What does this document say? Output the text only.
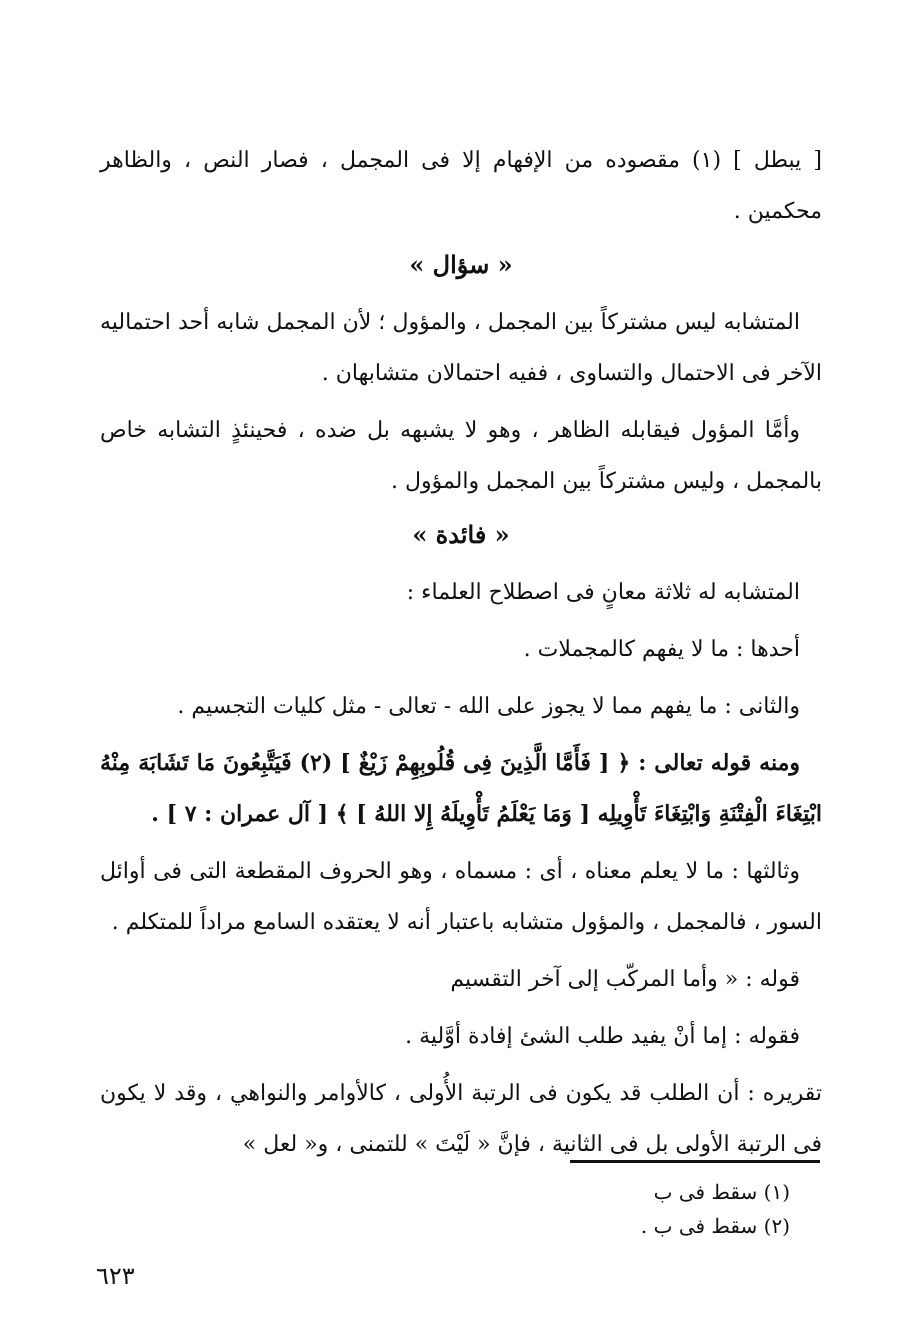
[ يبطل ] (١) مقصوده من الإفهام إلا فى المجمل ، فصار النص ، والظاهر محكمين .

« سؤال »

المتشابه ليس مشتركاً بين المجمل ، والمؤول ؛ لأن المجمل شابه أحد احتماليه الآخر فى الاحتمال والتساوى ، ففيه احتمالان متشابهان .

وأمَّا المؤول فيقابله الظاهر ، وهو لا يشبهه بل ضده ، فحينئذٍ التشابه خاص بالمجمل ، وليس مشتركاً بين المجمل والمؤول .

« فائدة »

المتشابه له ثلاثة معانٍ فى اصطلاح العلماء :

أحدها : ما لا يفهم كالمجملات .

والثانى : ما يفهم مما لا يجوز على الله - تعالى - مثل كليات التجسيم .

ومنه قوله تعالى : ﴿ [ فَأَمَّا الَّذِينَ فِى قُلُوبِهِمْ زَيْغٌ ] (٢) فَيَتَّبِعُونَ مَا تَشَابَهَ مِنْهُ ابْتِغَاءَ الْفِتْنَةِ وَابْتِغَاءَ تَأْوِيلِه [ وَمَا يَعْلَمُ تَأْوِيلَهُ إِلا اللهُ ] ﴾ [ آل عمران : ٧ ] .

وثالثها : ما لا يعلم معناه ، أى : مسماه ، وهو الحروف المقطعة التى فى أوائل السور ، فالمجمل ، والمؤول متشابه باعتبار أنه لا يعتقده السامع مراداً للمتكلم .

قوله : « وأما المركّب إلى آخر التقسيم

فقوله : إما أنْ يفيد طلب الشئ إفادة أوَّلية .

تقريره : أن الطلب قد يكون فى الرتبة الأُولى ، كالأوامر والنواهي ، وقد لا يكون فى الرتبة الأولى بل فى الثانية ، فإنَّ « لَيْتَ » للتمنى ، و« لعل »

(١) سقط فى ب
(٢) سقط فى ب .
٦٢٣
